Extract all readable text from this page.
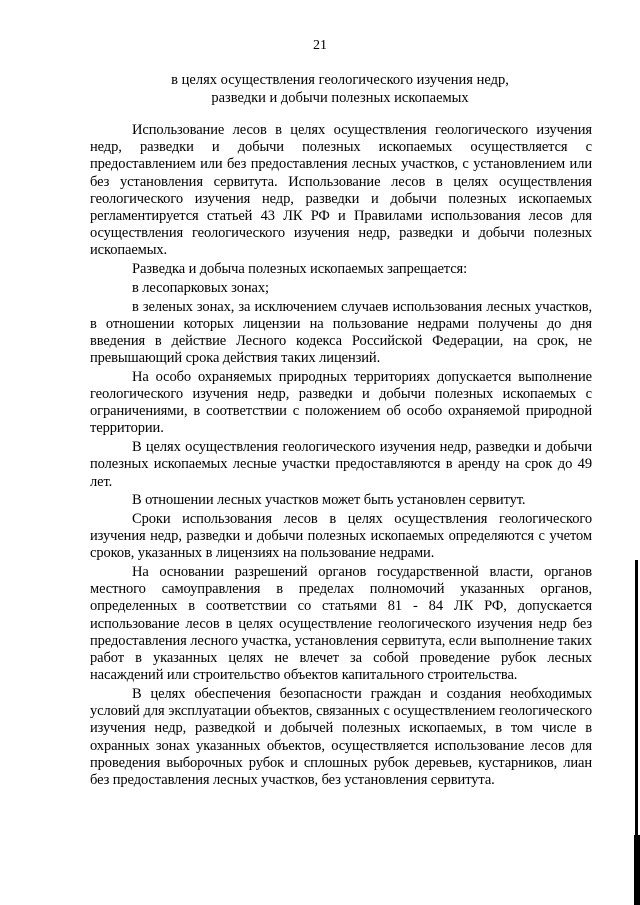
21
в целях осуществления геологического изучения недр,
разведки и добычи полезных ископаемых

Использование лесов в целях осуществления геологического изучения недр, разведки и добычи полезных ископаемых осуществляется с предоставлением или без предоставления лесных участков, с установлением или без установления сервитута. Использование лесов в целях осуществления геологического изучения недр, разведки и добычи полезных ископаемых регламентируется статьей 43 ЛК РФ и Правилами использования лесов для осуществления геологического изучения недр, разведки и добычи полезных ископаемых.

Разведка и добыча полезных ископаемых запрещается:

в лесопарковых зонах;

в зеленых зонах, за исключением случаев использования лесных участков, в отношении которых лицензии на пользование недрами получены до дня введения в действие Лесного кодекса Российской Федерации, на срок, не превышающий срока действия таких лицензий.

На особо охраняемых природных территориях допускается выполнение геологического изучения недр, разведки и добычи полезных ископаемых с ограничениями, в соответствии с положением об особо охраняемой природной территории.

В целях осуществления геологического изучения недр, разведки и добычи полезных ископаемых лесные участки предоставляются в аренду на срок до 49 лет.

В отношении лесных участков может быть установлен сервитут.

Сроки использования лесов в целях осуществления геологического изучения недр, разведки и добычи полезных ископаемых определяются с учетом сроков, указанных в лицензиях на пользование недрами.

На основании разрешений органов государственной власти, органов местного самоуправления в пределах полномочий указанных органов, определенных в соответствии со статьями 81 - 84 ЛК РФ, допускается использование лесов в целях осуществление геологического изучения недр без предоставления лесного участка, установления сервитута, если выполнение таких работ в указанных целях не влечет за собой проведение рубок лесных насаждений или строительство объектов капитального строительства.

В целях обеспечения безопасности граждан и создания необходимых условий для эксплуатации объектов, связанных с осуществлением геологического изучения недр, разведкой и добычей полезных ископаемых, в том числе в охранных зонах указанных объектов, осуществляется использование лесов для проведения выборочных рубок и сплошных рубок деревьев, кустарников, лиан без предоставления лесных участков, без установления сервитута.
